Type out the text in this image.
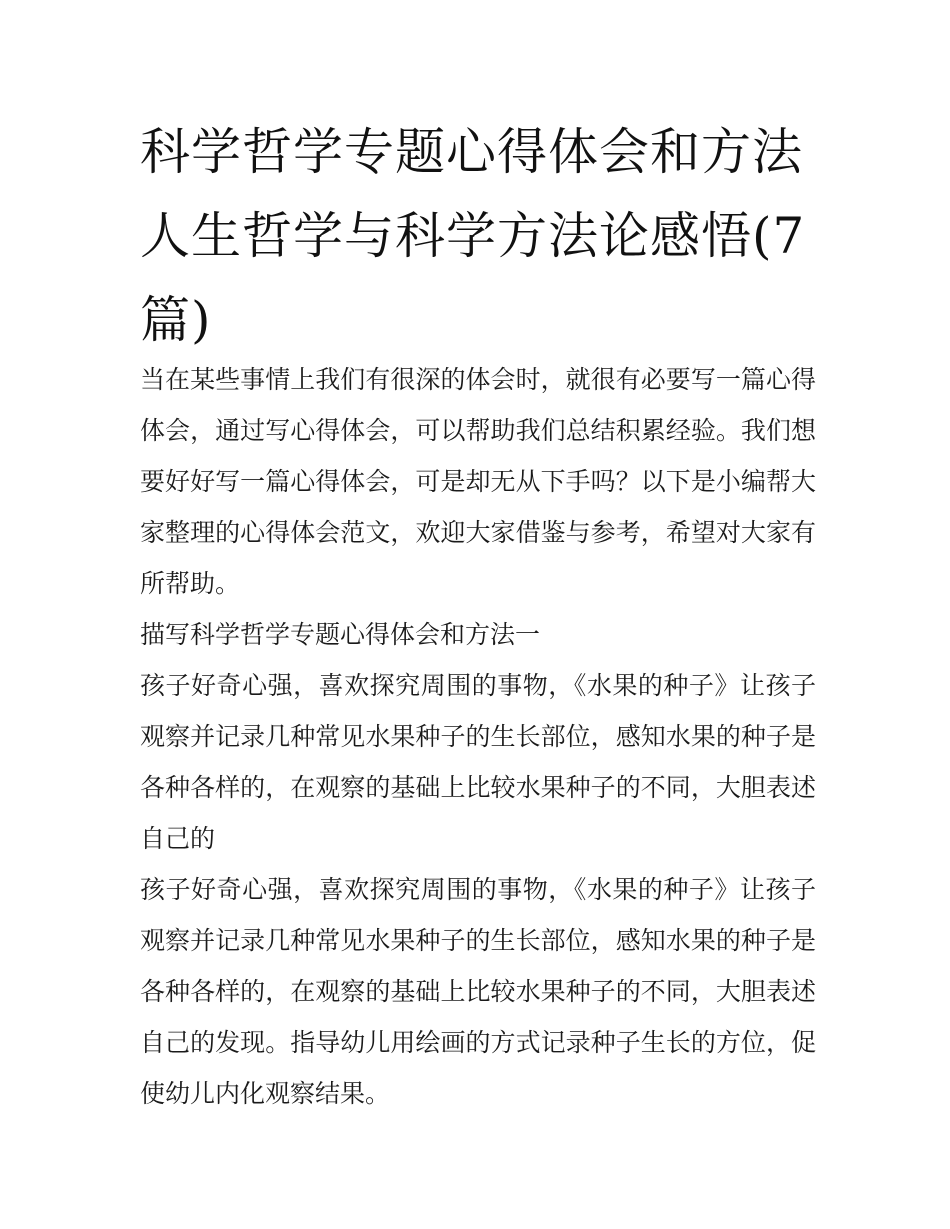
科学哲学专题心得体会和方法人生哲学与科学方法论感悟(7篇)

当在某些事情上我们有很深的体会时，就很有必要写一篇心得体会，通过写心得体会，可以帮助我们总结积累经验。我们想要好好写一篇心得体会，可是却无从下手吗？以下是小编帮大家整理的心得体会范文，欢迎大家借鉴与参考，希望对大家有所帮助。

描写科学哲学专题心得体会和方法一

孩子好奇心强，喜欢探究周围的事物，《水果的种子》让孩子观察并记录几种常见水果种子的生长部位，感知水果的种子是各种各样的，在观察的基础上比较水果种子的不同，大胆表述自己的

孩子好奇心强，喜欢探究周围的事物，《水果的种子》让孩子观察并记录几种常见水果种子的生长部位，感知水果的种子是各种各样的，在观察的基础上比较水果种子的不同，大胆表述自己的发现。指导幼儿用绘画的方式记录种子生长的方位，促使幼儿内化观察结果。
